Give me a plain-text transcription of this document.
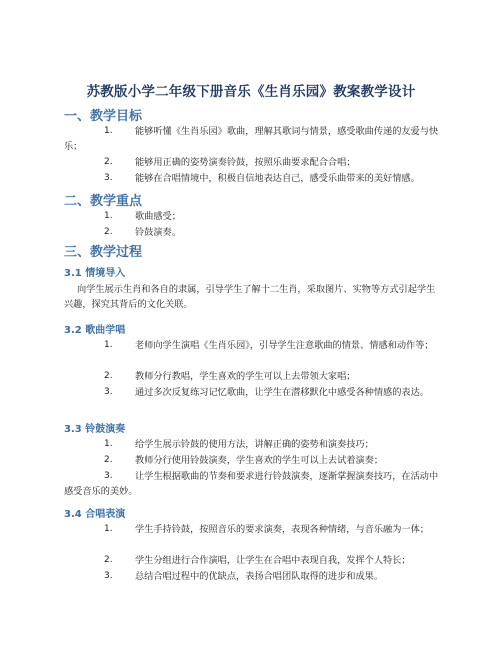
苏教版小学二年级下册音乐《生肖乐园》教案教学设计
一、教学目标
1.	能够听懂《生肖乐园》歌曲，理解其歌词与情景，感受歌曲传递的友爱与快乐；
2.	能够用正确的姿势演奏铃鼓，按照乐曲要求配合合唱；
3.	能够在合唱情境中，积极自信地表达自己，感受乐曲带来的美好情感。
二、教学重点
1.	歌曲感受；
2.	铃鼓演奏。
三、教学过程
3.1 情境导入
向学生展示生肖和各自的隶属，引导学生了解十二生肖，采取图片、实物等方式引起学生兴趣，探究其背后的文化关联。
3.2 歌曲学唱
1.	老师向学生演唱《生肖乐园》，引导学生注意歌曲的情景、情感和动作等；
2.	教师分行教唱，学生喜欢的学生可以上去带领大家唱；
3.	通过多次反复练习记忆歌曲，让学生在潜移默化中感受各种情感的表达。
3.3 铃鼓演奏
1.	给学生展示铃鼓的使用方法，讲解正确的姿势和演奏技巧；
2.	教师分行使用铃鼓演奏，学生喜欢的学生可以上去试着演奏；
3.	让学生根据歌曲的节奏和要求进行铃鼓演奏，逐渐掌握演奏技巧，在活动中感受音乐的美妙。
3.4 合唱表演
1.	学生手持铃鼓，按照音乐的要求演奏，表现各种情绪，与音乐融为一体；
2.	学生分组进行合作演唱，让学生在合唱中表现自我，发挥个人特长；
3.	总结合唱过程中的优缺点，表扬合唱团队取得的进步和成果。
